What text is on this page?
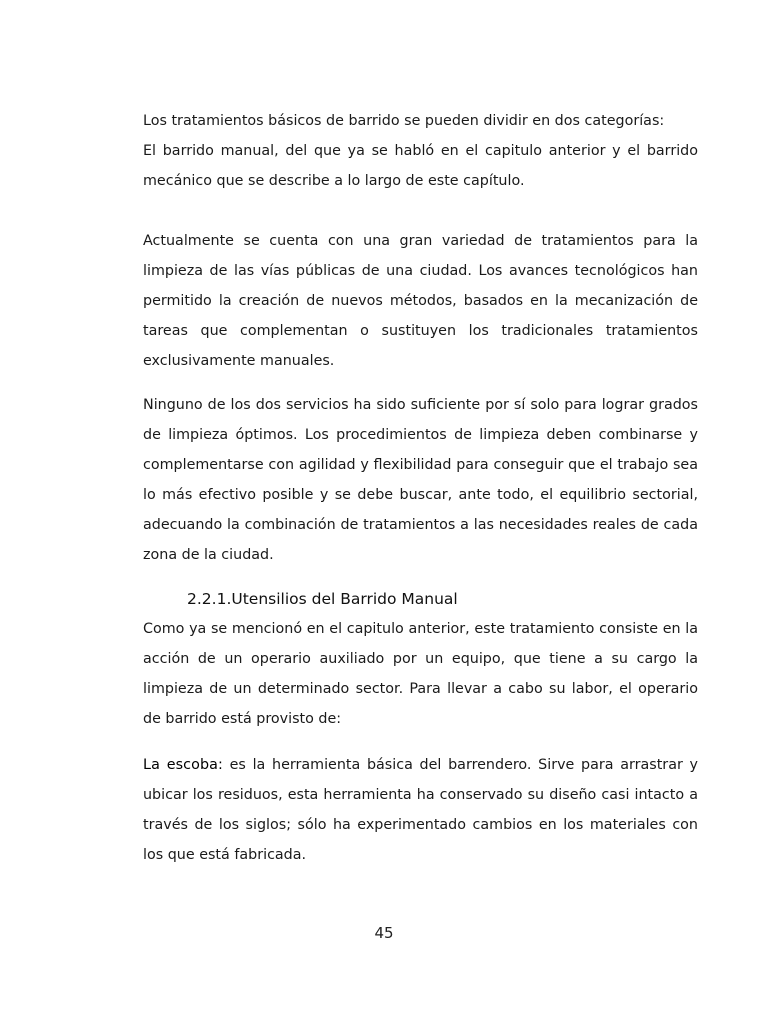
Los tratamientos básicos de barrido se pueden dividir en dos categorías:

El barrido manual, del que ya se habló en el capitulo anterior y el barrido mecánico que se describe a lo largo de este capítulo.

Actualmente se cuenta con una gran variedad de tratamientos para la limpieza de las vías públicas de una ciudad. Los avances tecnológicos han permitido la creación de nuevos métodos, basados en la mecanización de tareas que complementan o sustituyen los tradicionales tratamientos exclusivamente manuales.

Ninguno de los dos servicios ha sido suficiente por sí solo para lograr grados de limpieza óptimos. Los procedimientos de limpieza deben combinarse y complementarse con agilidad y flexibilidad para conseguir que el trabajo sea lo más efectivo posible y se debe buscar, ante todo, el equilibrio sectorial, adecuando la combinación de tratamientos a las necesidades reales de cada zona de la ciudad.

2.2.1.Utensilios del Barrido Manual

Como ya se mencionó en el capitulo anterior, este tratamiento consiste en la acción de un operario auxiliado por un equipo, que tiene a su cargo la limpieza de un determinado sector. Para llevar a cabo su labor, el operario de barrido está provisto de:

La escoba: es la herramienta básica del barrendero. Sirve para arrastrar y ubicar los residuos, esta herramienta ha conservado su diseño casi intacto a través de los siglos; sólo ha experimentado cambios en los materiales con los que está fabricada.

45
